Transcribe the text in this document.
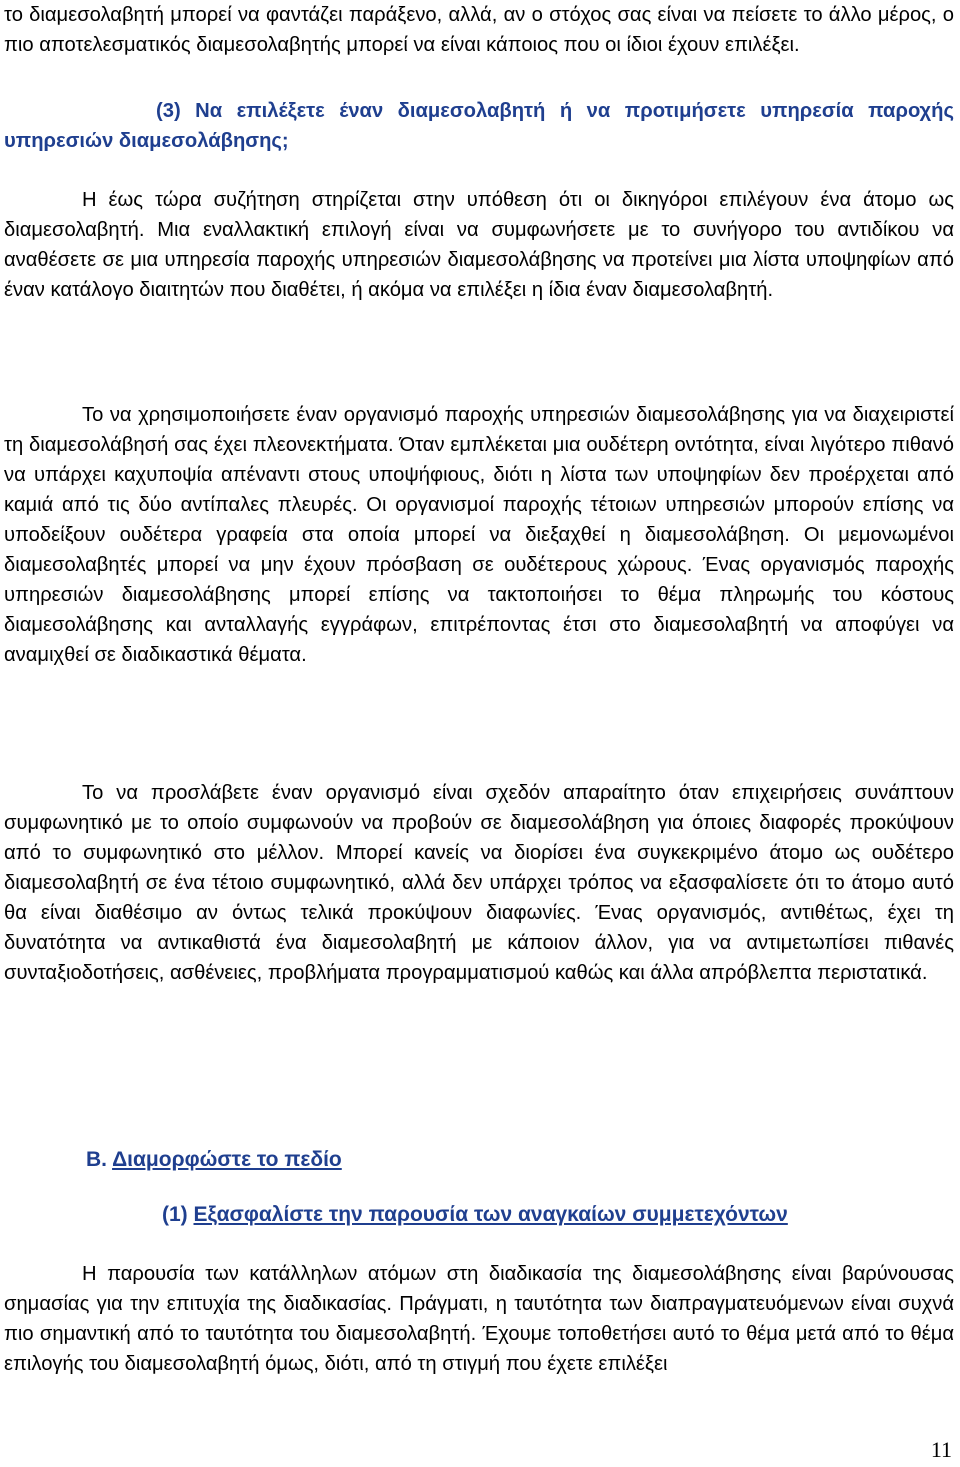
το διαμεσολαβητή μπορεί να φαντάζει παράξενο, αλλά, αν ο στόχος σας είναι να πείσετε το άλλο μέρος, ο πιο αποτελεσματικός διαμεσολαβητής μπορεί να είναι κάποιος που οι ίδιοι έχουν επιλέξει.

(3) Να επιλέξετε έναν διαμεσολαβητή ή να προτιμήσετε υπηρεσία παροχής υπηρεσιών διαμεσολάβησης;

Η έως τώρα συζήτηση στηρίζεται στην υπόθεση ότι οι δικηγόροι επιλέγουν ένα άτομο ως διαμεσολαβητή. Μια εναλλακτική επιλογή είναι να συμφωνήσετε με το συνήγορο του αντιδίκου να αναθέσετε σε μια υπηρεσία παροχής υπηρεσιών διαμεσολάβησης να προτείνει μια λίστα υποψηφίων από έναν κατάλογο διαιτητών που διαθέτει, ή ακόμα να επιλέξει η ίδια έναν διαμεσολαβητή.

Το να χρησιμοποιήσετε έναν οργανισμό παροχής υπηρεσιών διαμεσολάβησης για να διαχειριστεί τη διαμεσολάβησή σας έχει πλεονεκτήματα. Όταν εμπλέκεται μια ουδέτερη οντότητα, είναι λιγότερο πιθανό να υπάρχει καχυποψία απέναντι στους υποψήφιους, διότι η λίστα των υποψηφίων δεν προέρχεται από καμιά από τις δύο αντίπαλες πλευρές. Οι οργανισμοί παροχής τέτοιων υπηρεσιών μπορούν επίσης να υποδείξουν ουδέτερα γραφεία στα οποία μπορεί να διεξαχθεί η διαμεσολάβηση. Οι μεμονωμένοι διαμεσολαβητές μπορεί να μην έχουν πρόσβαση σε ουδέτερους χώρους. Ένας οργανισμός παροχής υπηρεσιών διαμεσολάβησης μπορεί επίσης να τακτοποιήσει το θέμα πληρωμής του κόστους διαμεσολάβησης και ανταλλαγής εγγράφων, επιτρέποντας έτσι στο διαμεσολαβητή να αποφύγει να αναμιχθεί σε διαδικαστικά θέματα.

Το να προσλάβετε έναν οργανισμό είναι σχεδόν απαραίτητο όταν επιχειρήσεις συνάπτουν συμφωνητικό με το οποίο συμφωνούν να προβούν σε διαμεσολάβηση για όποιες διαφορές προκύψουν από το συμφωνητικό στο μέλλον. Μπορεί κανείς να διορίσει ένα συγκεκριμένο άτομο ως ουδέτερο διαμεσολαβητή σε ένα τέτοιο συμφωνητικό, αλλά δεν υπάρχει τρόπος να εξασφαλίσετε ότι το άτομο αυτό θα είναι διαθέσιμο αν όντως τελικά προκύψουν διαφωνίες. Ένας οργανισμός, αντιθέτως, έχει τη δυνατότητα να αντικαθιστά ένα διαμεσολαβητή με κάποιον άλλον, για να αντιμετωπίσει πιθανές συνταξιοδοτήσεις, ασθένειες, προβλήματα προγραμματισμού καθώς και άλλα απρόβλεπτα περιστατικά.

Β. Διαμορφώστε το πεδίο
(1) Εξασφαλίστε την παρουσία των αναγκαίων συμμετεχόντων

Η παρουσία των κατάλληλων ατόμων στη διαδικασία της διαμεσολάβησης είναι βαρύνουσας σημασίας για την επιτυχία της διαδικασίας. Πράγματι, η ταυτότητα των διαπραγματευόμενων είναι συχνά πιο σημαντική από το ταυτότητα του διαμεσολαβητή. Έχουμε τοποθετήσει αυτό το θέμα μετά από το θέμα επιλογής του διαμεσολαβητή όμως, διότι, από τη στιγμή που έχετε επιλέξει

11
